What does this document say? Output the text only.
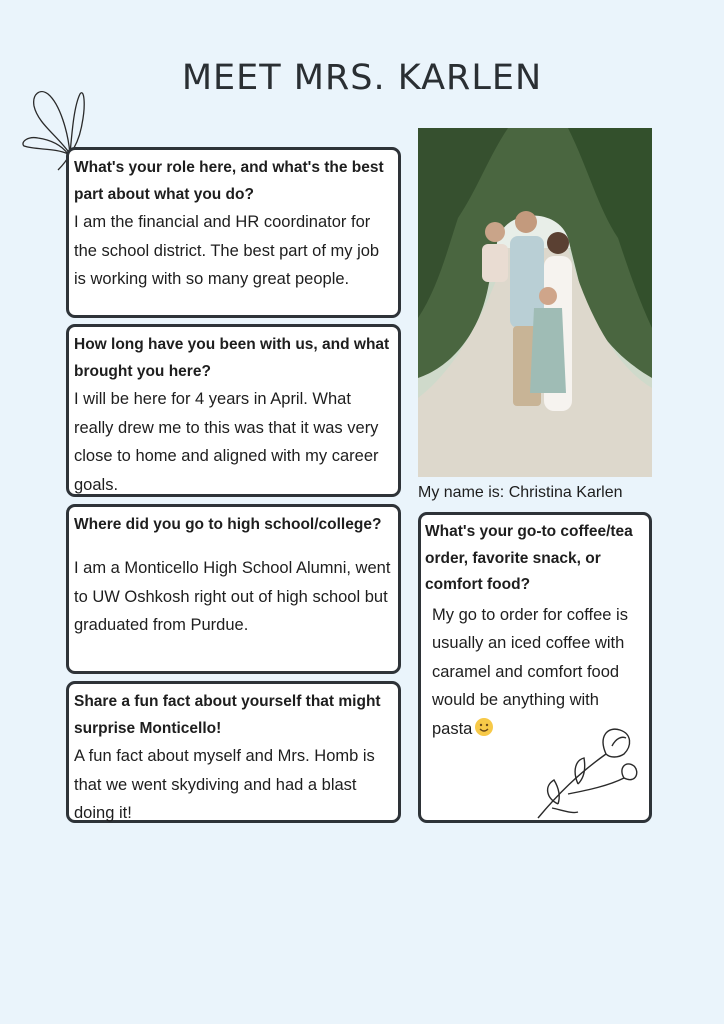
MEET MRS. KARLEN

What's your role here, and what's the best part about what you do?

I am the financial and HR coordinator for the school district. The best part of my job is working with so many great people.

How long have you been with us, and what brought you here?

I will be here for 4 years in April. What really drew me to this was that it was very close to home and aligned with my career goals.

Where did you go to high school/college?

I am a Monticello High School Alumni, went to UW Oshkosh right out of high school but graduated from Purdue.

Share a fun fact about yourself that might surprise Monticello!

A fun fact about myself and Mrs. Homb is that we went skydiving and had a blast doing it!

My name is: Christina Karlen

What's your go-to coffee/tea order, favorite snack, or comfort food?

My go to order for coffee is usually an iced coffee with caramel and comfort food would be anything with pasta
